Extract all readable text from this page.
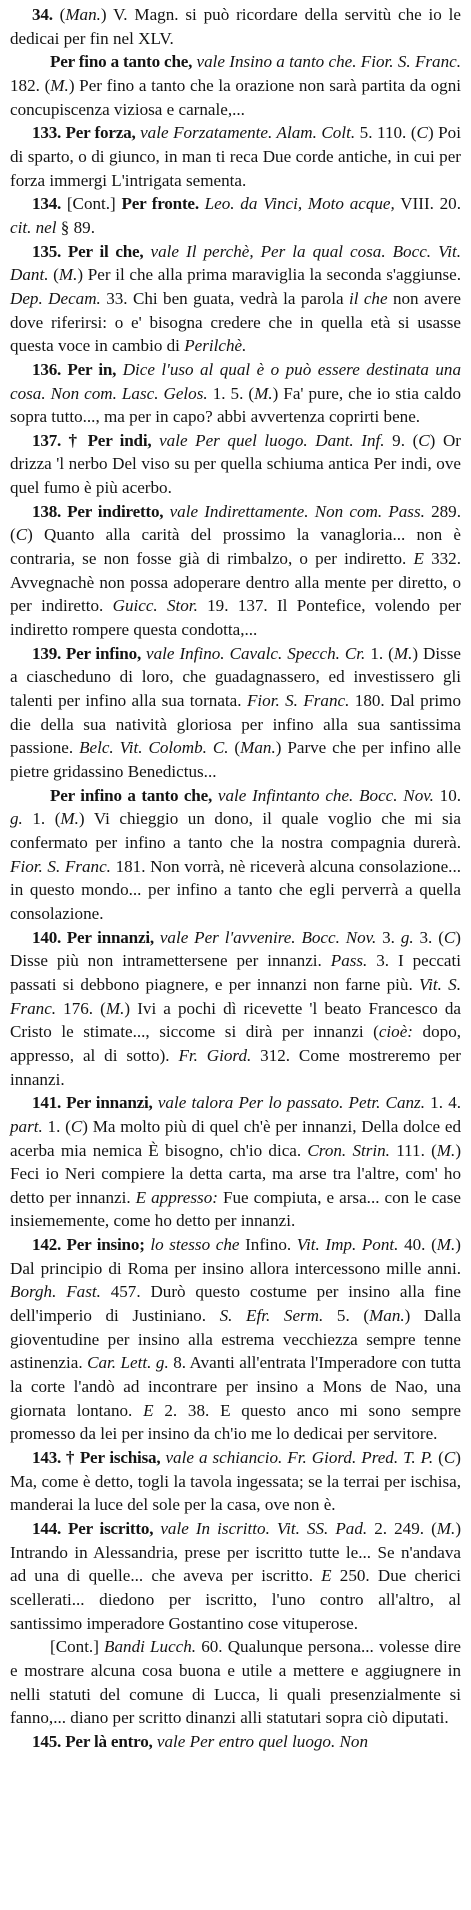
34. (Man.) V. Magn. si può ricordare della servitù che io le dedicai per fin nel XLV.

Per fino a tanto che, vale Insino a tanto che. Fior. S. Franc. 182. (M.) Per fino a tanto che la orazione non sarà partita da ogni concupiscenza viziosa e carnale,...

133. Per forza, vale Forzatamente. Alam. Colt. 5. 110. (C) Poi di sparto, o di giunco, in man ti reca Due corde antiche, in cui per forza immergi L'intrigata sementa.

134. [Cont.] Per fronte. Leo. da Vinci, Moto acque, VIII. 20. cit. nel § 89.

135. Per il che, vale Il perchè, Per la qual cosa. Bocc. Vit. Dant. (M.) Per il che alla prima maraviglia la seconda s'aggiunse. Dep. Decam. 33. Chi ben guata, vedrà la parola il che non avere dove riferirsi: o e' bisogna credere che in quella età si usasse questa voce in cambio di Perilchè.

136. Per in, Dice l'uso al qual è o può essere destinata una cosa. Non com. Lasc. Gelos. 1. 5. (M.) Fa' pure, che io stia caldo sopra tutto..., ma per in capo? abbi avvertenza coprirti bene.

137. † Per indi, vale Per quel luogo. Dant. Inf. 9. (C) Or drizza 'l nerbo Del viso su per quella schiuma antica Per indi, ove quel fumo è più acerbo.

138. Per indiretto, vale Indirettamente. Non com. Pass. 289. (C) Quanto alla carità del prossimo la vanagloria... non è contraria, se non fosse già di rimbalzo, o per indiretto. E 332. Avvegnachè non possa adoperare dentro alla mente per diretto, o per indiretto. Guicc. Stor. 19. 137. Il Pontefice, volendo per indiretto rompere questa condotta,...

139. Per infino, vale Infino. Cavalc. Specch. Cr. 1. (M.) Disse a ciascheduno di loro, che guadagnassero, ed investissero gli talenti per infino alla sua tornata. Fior. S. Franc. 180. Dal primo die della sua natività gloriosa per infino alla sua santissima passione. Belc. Vit. Colomb. C. (Man.) Parve che per infino alle pietre gridassino Benedictus...

Per infino a tanto che, vale Infintanto che. Bocc. Nov. 10. g. 1. (M.) Vi chieggio un dono, il quale voglio che mi sia confermato per infino a tanto che la nostra compagnia durerà. Fior. S. Franc. 181. Non vorrà, nè riceverà alcuna consolazione... in questo mondo... per infino a tanto che egli perverrà a quella consolazione.

140. Per innanzi, vale Per l'avvenire. Bocc. Nov. 3. g. 3. (C) Disse più non intramettersene per innanzi. Pass. 3. I peccati passati si debbono piagnere, e per innanzi non farne più. Vit. S. Franc. 176. (M.) Ivi a pochi dì ricevette 'l beato Francesco da Cristo le stimate..., siccome si dirà per innanzi (cioè: dopo, appresso, al di sotto). Fr. Giord. 312. Come mostreremo per innanzi.

141. Per innanzi, vale talora Per lo passato. Petr. Canz. 1. 4. part. 1. (C) Ma molto più di quel ch'è per innanzi, Della dolce ed acerba mia nemica È bisogno, ch'io dica. Cron. Strin. 111. (M.) Feci io Neri compiere la detta carta, ma arse tra l'altre, com' ho detto per innanzi. E appresso: Fue compiuta, e arsa... con le case insiememente, come ho detto per innanzi.

142. Per insino; lo stesso che Infino. Vit. Imp. Pont. 40. (M.) Dal principio di Roma per insino allora intercessono mille anni. Borgh. Fast. 457. Durò questo costume per insino alla fine dell'imperio di Justiniano. S. Efr. Serm. 5. (Man.) Dalla gioventudine per insino alla estrema vecchiezza sempre tenne astinenzia. Car. Lett. g. 8. Avanti all'entrata l'Imperadore con tutta la corte l'andò ad incontrare per insino a Mons de Nao, una giornata lontano. E 2. 38. E questo anco mi sono sempre promesso da lei per insino da ch'io me lo dedicai per servitore.

143. † Per ischisa, vale a schiancio. Fr. Giord. Pred. T. P. (C) Ma, come è detto, togli la tavola ingessata; se la terrai per ischisa, manderai la luce del sole per la casa, ove non è.

144. Per iscritto, vale In iscritto. Vit. SS. Pad. 2. 249. (M.) Intrando in Alessandria, prese per iscritto tutte le... Se n'andava ad una di quelle... che aveva per iscritto. E 250. Due cherici scellerati... diedono per iscritto, l'uno contro all'altro, al santissimo imperadore Gostantino cose vituperose.

[Cont.] Bandi Lucch. 60. Qualunque persona... volesse dire e mostrare alcuna cosa buona e utile a mettere e aggiugnere in nelli statuti del comune di Lucca, li quali presenzialmente si fanno,... diano per scritto dinanzi alli statutari sopra ciò diputati.

145. Per là entro, vale Per entro quel luogo. Non
